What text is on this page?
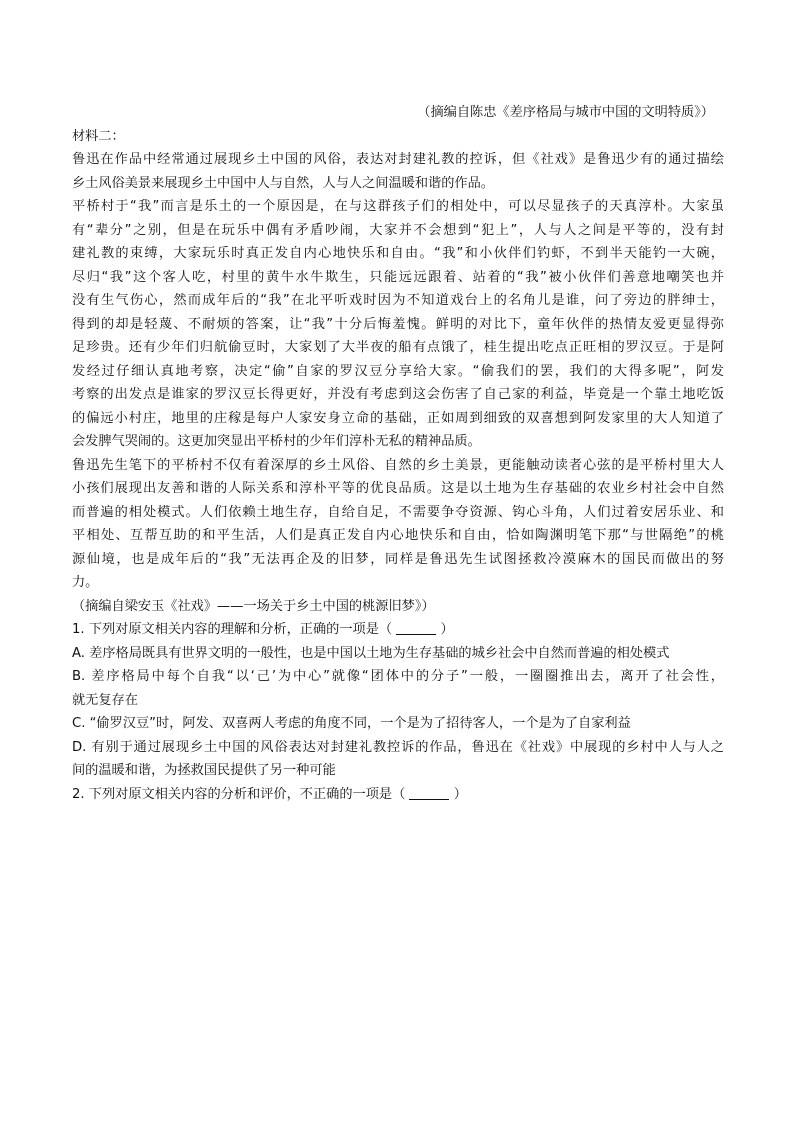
（摘编自陈忠《差序格局与城市中国的文明特质》）
材料二：
鲁迅在作品中经常通过展现乡土中国的风俗，表达对封建礼教的控诉，但《社戏》是鲁迅少有的通过描绘
乡土风俗美景来展现乡土中国中人与自然，人与人之间温暖和谐的作品。
平桥村于“我”而言是乐土的一个原因是，在与这群孩子们的相处中，可以尽显孩子的天真淳朴。大家虽
有“辈分”之别，但是在玩乐中偶有矛盾吵闹，大家并不会想到“犯上”，人与人之间是平等的，没有封
建礼教的束缚，大家玩乐时真正发自内心地快乐和自由。“我”和小伙伴们钓虾，不到半天能钓一大碗，
尽归“我”这个客人吃，村里的黄牛水牛欺生，只能远远跟着、站着的“我”被小伙伴们善意地嘲笑也并
没有生气伤心，然而成年后的“我”在北平听戏时因为不知道戏台上的名角儿是谁，问了旁边的胖绅士，
得到的却是轻蔑、不耐烦的答案，让“我”十分后悔羞愧。鲜明的对比下，童年伙伴的热情友爱更显得弥
足珍贵。还有少年们归航偷豆时，大家划了大半夜的船有点饿了，桂生提出吃点正旺相的罗汉豆。于是阿
发经过仔细认真地考察，决定“偷”自家的罗汉豆分享给大家。“偷我们的罢，我们的大得多呢”，阿发
考察的出发点是谁家的罗汉豆长得更好，并没有考虑到这会伤害了自己家的利益，毕竟是一个靠土地吃饭
的偏远小村庄，地里的庄稼是每户人家安身立命的基础，正如周到细致的双喜想到阿发家里的大人知道了
会发脾气哭闹的。这更加突显出平桥村的少年们淳朴无私的精神品质。
鲁迅先生笔下的平桥村不仅有着深厚的乡土风俗、自然的乡土美景，更能触动读者心弦的是平桥村里大人
小孩们展现出友善和谐的人际关系和淳朴平等的优良品质。这是以土地为生存基础的农业乡村社会中自然
而普遍的相处模式。人们依赖土地生存，自给自足，不需要争夺资源、钩心斗角，人们过着安居乐业、和
平相处、互帮互助的和平生活，人们是真正发自内心地快乐和自由，恰如陶渊明笔下那“与世隔绝”的桃
源仙境，也是成年后的“我”无法再企及的旧梦，同样是鲁迅先生试图拯救冷漠麻木的国民而做出的努
力。
（摘编自梁安玉《社戏》——一场关于乡土中国的桃源旧梦》）
1. 下列对原文相关内容的理解和分析，正确的一项是（	）
A. 差序格局既具有世界文明的一般性，也是中国以土地为生存基础的城乡社会中自然而普遍的相处模式
B. 差序格局中每个自我“以‘己’为中心”就像“团体中的分子”一般，一圈圈推出去，离开了社会性，
就无复存在
C. “偷罗汉豆”时，阿发、双喜两人考虑的角度不同，一个是为了招待客人，一个是为了自家利益
D. 有别于通过展现乡土中国的风俗表达对封建礼教控诉的作品，鲁迅在《社戏》中展现的乡村中人与人之
间的温暖和谐，为拯救国民提供了另一种可能
2. 下列对原文相关内容的分析和评价，不正确的一项是（	）
